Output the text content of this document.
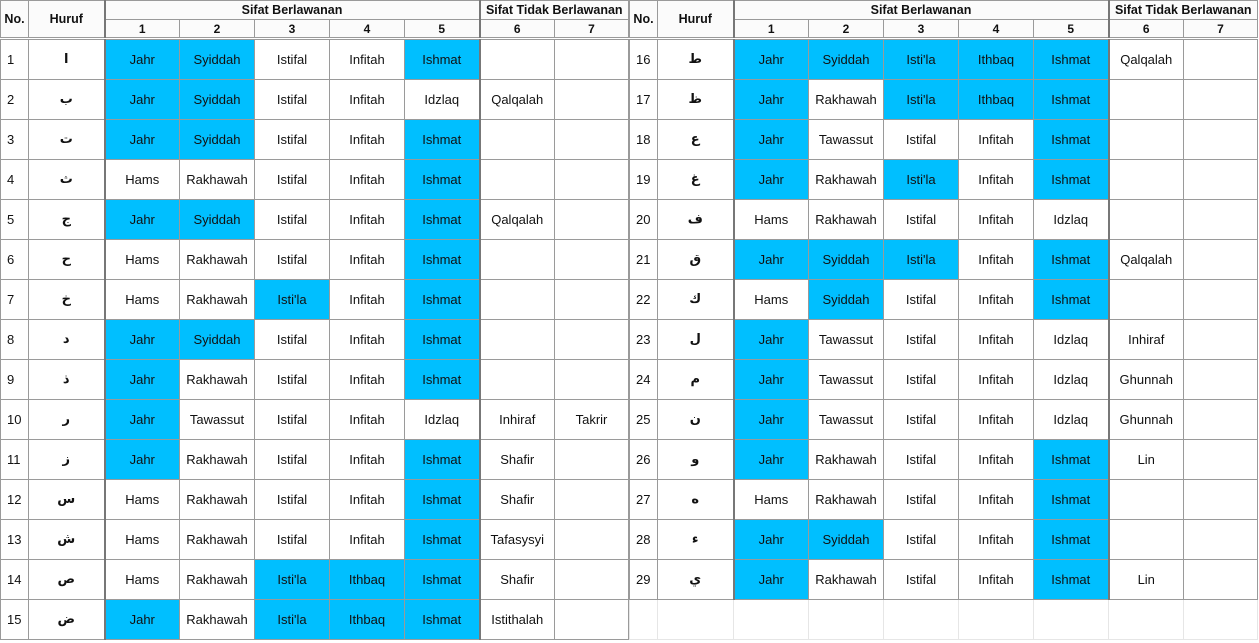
No.	Huruf	Sifat Berlawanan					Sifat Tidak Berlawanan	
		1	2	3	4	5	6	7

1	ا	Jahr	Syiddah	Istifal	Infitah	Ishmat		
2	ب	Jahr	Syiddah	Istifal	Infitah	Idzlaq	Qalqalah	
3	ت	Jahr	Syiddah	Istifal	Infitah	Ishmat		
4	ث	Hams	Rakhawah	Istifal	Infitah	Ishmat		
5	ج	Jahr	Syiddah	Istifal	Infitah	Ishmat	Qalqalah	
6	ح	Hams	Rakhawah	Istifal	Infitah	Ishmat		
7	خ	Hams	Rakhawah	Isti'la	Infitah	Ishmat		
8	د	Jahr	Syiddah	Istifal	Infitah	Ishmat		
9	ذ	Jahr	Rakhawah	Istifal	Infitah	Ishmat		
10	ر	Jahr	Tawassut	Istifal	Infitah	Idzlaq	Inhiraf	Takrir
11	ز	Jahr	Rakhawah	Istifal	Infitah	Ishmat	Shafir	
12	س	Hams	Rakhawah	Istifal	Infitah	Ishmat	Shafir	
13	ش	Hams	Rakhawah	Istifal	Infitah	Ishmat	Tafasysyi	
14	ص	Hams	Rakhawah	Isti'la	Ithbaq	Ishmat	Shafir	
15	ض	Jahr	Rakhawah	Isti'la	Ithbaq	Ishmat	Istithalah	
No.	Huruf	Sifat Berlawanan					Sifat Tidak Berlawanan	
		1	2	3	4	5	6	7

16	ط	Jahr	Syiddah	Isti'la	Ithbaq	Ishmat	Qalqalah	
17	ظ	Jahr	Rakhawah	Isti'la	Ithbaq	Ishmat		
18	ع	Jahr	Tawassut	Istifal	Infitah	Ishmat		
19	غ	Jahr	Rakhawah	Isti'la	Infitah	Ishmat		
20	ف	Hams	Rakhawah	Istifal	Infitah	Idzlaq		
21	ق	Jahr	Syiddah	Isti'la	Infitah	Ishmat	Qalqalah	
22	ك	Hams	Syiddah	Istifal	Infitah	Ishmat		
23	ل	Jahr	Tawassut	Istifal	Infitah	Idzlaq	Inhiraf	
24	م	Jahr	Tawassut	Istifal	Infitah	Idzlaq	Ghunnah	
25	ن	Jahr	Tawassut	Istifal	Infitah	Idzlaq	Ghunnah	
26	و	Jahr	Rakhawah	Istifal	Infitah	Ishmat	Lin	
27	ه	Hams	Rakhawah	Istifal	Infitah	Ishmat		
28	ء	Jahr	Syiddah	Istifal	Infitah	Ishmat		
29	ي	Jahr	Rakhawah	Istifal	Infitah	Ishmat	Lin	
